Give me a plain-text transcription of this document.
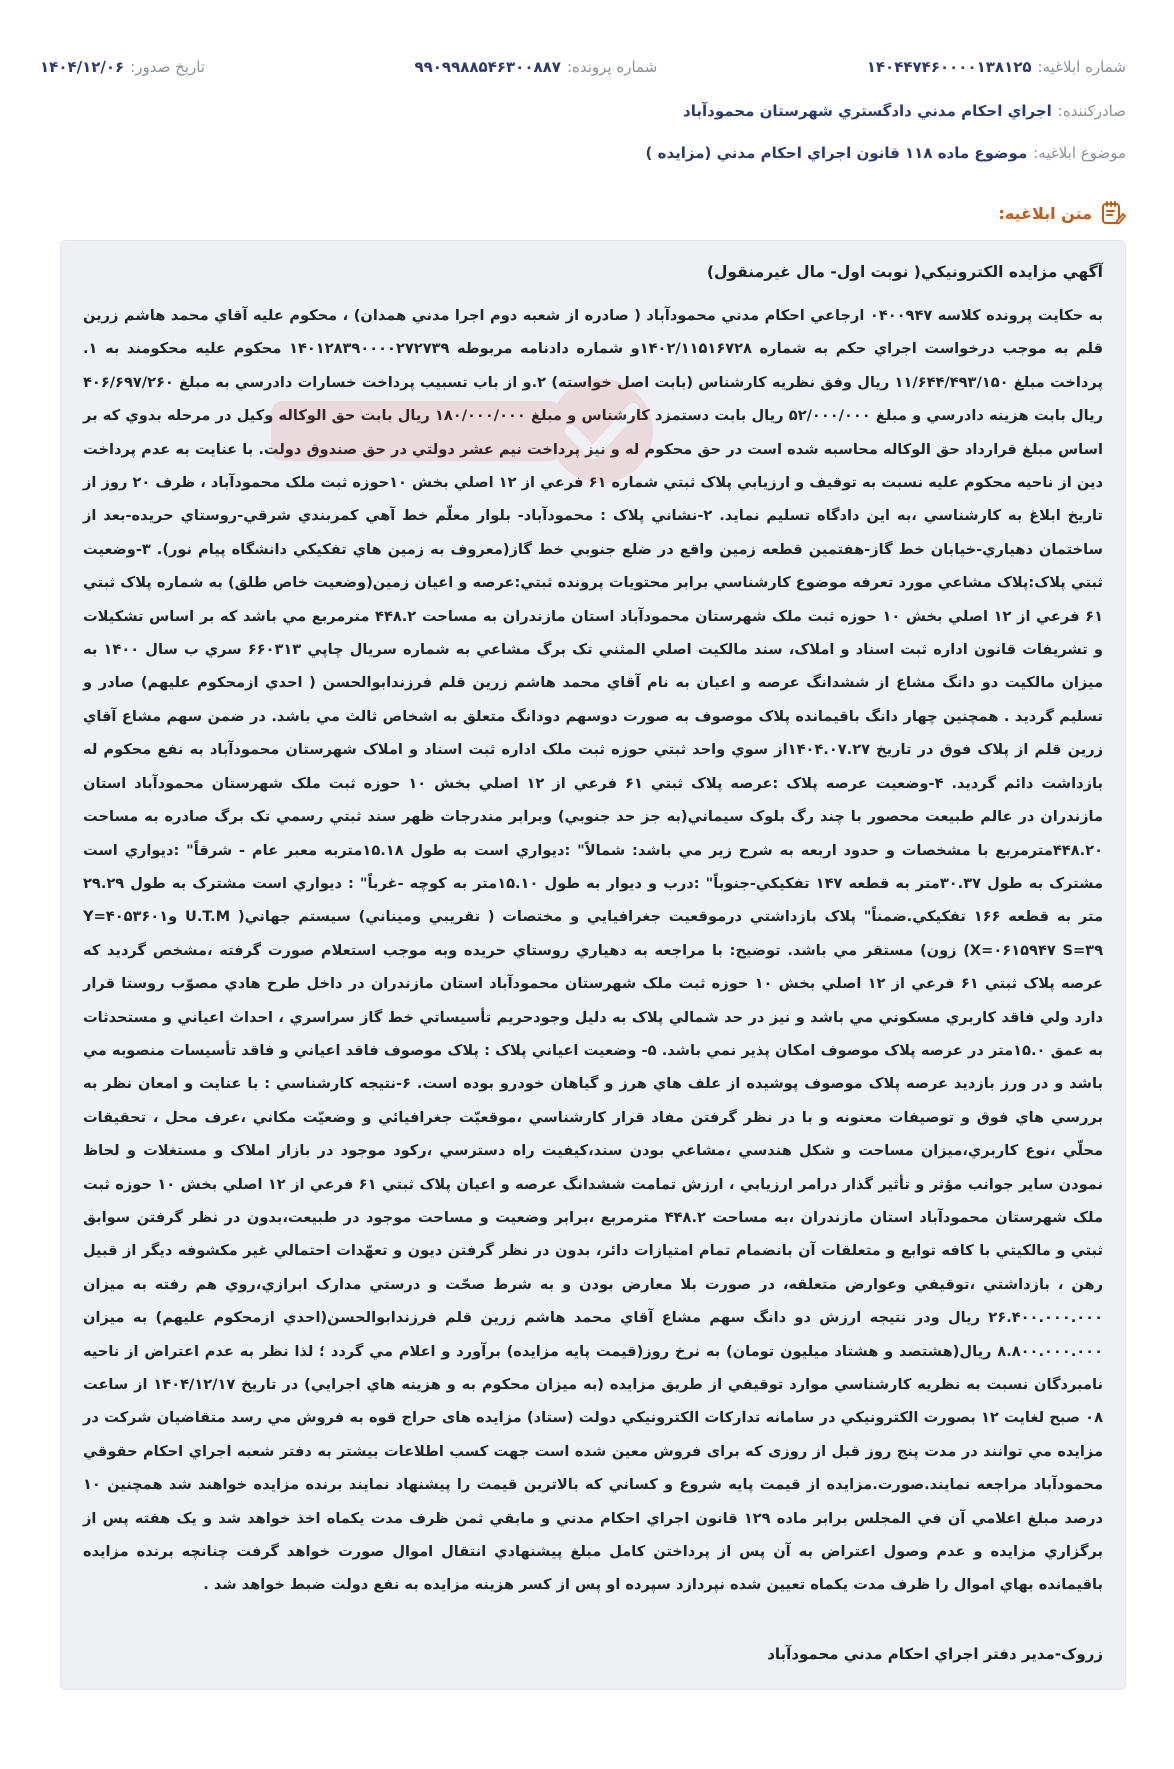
شماره ابلاغيه:
۱۴۰۴۴۷۴۶۰۰۰۰۱۳۸۱۲۵
شماره پرونده:
۹۹۰۹۹۸۸۵۴۶۳۰۰۸۸۷
تاريخ صدور:
۱۴۰۴/۱۲/۰۶
صادرکننده:
اجراي احکام مدني دادگستري شهرستان محمودآباد
موضوع ابلاغيه:
موضوع ماده ۱۱۸ قانون اجراي احکام مدني (مزايده )
متن ابلاغيه:
آگهي مزايده الکترونيکي( نوبت اول- مال غيرمنقول)
به حکايت پرونده کلاسه ۰۴۰۰۹۴۷ ارجاعي احکام مدني محمودآباد ( صادره از شعبه دوم اجرا مدني همدان) ، محکوم عليه آقاي محمد هاشم زرين قلم به موجب درخواست اجراي حکم به شماره ۱۴۰۲/۱۱۵۱۶۷۲۸و شماره دادنامه مربوطه ۱۴۰۱۲۸۳۹۰۰۰۰۲۷۲۷۳۹ محکوم عليه محکومند به ۱. پرداخت مبلغ ۱۱/۶۴۴/۴۹۳/۱۵۰ ريال وفق نظريه کارشناس (بابت اصل خواسته) ۲.و از باب تسبيب پرداخت خسارات دادرسي به مبلغ ۴۰۶/۶۹۷/۲۶۰ ريال بابت هزينه دادرسي و مبلغ ۵۲/۰۰۰/۰۰۰ ريال بابت دستمزد کارشناس و مبلغ ۱۸۰/۰۰۰/۰۰۰ ريال بابت حق الوکاله وکيل در مرحله بدوي که بر اساس مبلغ قرارداد حق الوکاله محاسبه شده است در حق محکوم له و نيز پرداخت نيم عشر دولتي در حق صندوق دولت. با عنايت به عدم پرداخت دين از ناحيه محکوم عليه نسبت به توقيف و ارزيابي پلاک ثبتي شماره ۶۱ فرعي از ۱۲ اصلي بخش ۱۰حوزه ثبت ملک محمودآباد ، ظرف ۲۰ روز از تاريخ ابلاغ به کارشناسي ،به اين دادگاه تسليم نمايد. ۲-نشاني پلاک : محمودآباد- بلوار معلّم خط آهي کمربندي شرقي-روستاي حريده-بعد از ساختمان دهياري-خيابان خط گاز-هفتمين قطعه زمين واقع در ضلع جنوبي خط گاز(معروف به زمين هاي تفکيکي دانشگاه پيام نور). ۳-وضعيت ثبتي پلاک:پلاک مشاعي مورد تعرفه موضوع کارشناسي برابر محتويات پرونده ثبتي:عرصه و اعيان زمين(وضعيت خاص طلق) به شماره پلاک ثبتي ۶۱ فرعي از ۱۲ اصلي بخش ۱۰ حوزه ثبت ملک شهرستان محمودآباد استان مازندران به مساحت ۴۴۸.۲ مترمربع مي باشد که بر اساس تشکيلات و تشريفات قانون اداره ثبت اسناد و املاک، سند مالکيت اصلي المثني تک برگ مشاعي به شماره سريال چاپي ۶۶۰۳۱۳ سري ب سال ۱۴۰۰ به ميزان مالکيت دو دانگ مشاع از ششدانگ عرصه و اعيان به نام آقاي محمد هاشم زرين قلم فرزندابوالحسن ( احدي ازمحکوم عليهم) صادر و تسليم گرديد . همچنين چهار دانگ باقيمانده پلاک موصوف به صورت دوسهم دودانگ متعلق به اشخاص ثالث مي باشد. در ضمن سهم مشاع آقاي زرين قلم از پلاک فوق در تاريخ ۱۴۰۴.۰۷.۲۷از سوي واحد ثبتي حوزه ثبت ملک اداره ثبت اسناد و املاک شهرستان محمودآباد به نفع محکوم له بازداشت دائم گرديد. ۴-وضعيت عرصه پلاک :عرصه پلاک ثبتي ۶۱ فرعي از ۱۲ اصلي بخش ۱۰ حوزه ثبت ملک شهرستان محمودآباد استان مازندران در عالم طبيعت محصور با چند رگ بلوک سيماني(به جز حد جنوبي) وبرابر مندرجات ظهر سند ثبتي رسمي تک برگ صادره به مساحت ۴۴۸.۲۰مترمربع با مشخصات و حدود اربعه به شرح زير مي باشد: شمالاً" :ديواري است به طول ۱۵.۱۸متربه معبر عام - شرقاً" :ديواري است مشترک به طول ۳۰.۳۷متر به قطعه ۱۴۷ تفکيکي-جنوباً" :درب و ديوار به طول ۱۵.۱۰متر به کوچه -غرباً" : ديواري است مشترک به طول ۲۹.۲۹ متر به قطعه ۱۶۶ تفکيکي.ضمناً" پلاک بازداشتي درموقعيت جغرافيايي و مختصات ( تقريبي وميناني) سيستم جهاني( U.T.M وY=۴۰۵۳۶۰۱ X=۰۶۱۵۹۴۷ S=۳۹) زون) مستقر مي باشد. توضيح: با مراجعه به دهياري روستاي حريده وبه موجب استعلام صورت گرفته ،مشخص گرديد که عرصه پلاک ثبتي ۶۱ فرعي از ۱۲ اصلي بخش ۱۰ حوزه ثبت ملک شهرستان محمودآباد استان مازندران در داخل طرح هادي مصوّب روستا قرار دارد ولي فاقد کاربري مسکوني مي باشد و نيز در حد شمالي پلاک به دليل وجودحريم تأسيساتي خط گاز سراسري ، احداث اعياني و مستحدثات به عمق ۱۵.۰متر در عرصه پلاک موصوف امکان پذير نمي باشد. ۵- وضعيت اعياني پلاک : پلاک موصوف فاقد اعياني و فاقد تأسيسات منصوبه مي باشد و در ورز بازديد عرصه پلاک موصوف پوشيده از علف هاي هرز و گياهان خودرو بوده است. ۶-نتيجه کارشناسي : با عنايت و امعان نظر به بررسي هاي فوق و توصيفات معنونه و با در نظر گرفتن مفاد قرار کارشناسي ،موقعيّت جغرافيائي و وضعيّت مکاني ،عرف محل ، تحقيقات محلّي ،نوع کاربري،ميزان مساحت و شکل هندسي ،مشاعي بودن سند،کيفيت راه دسترسي ،رکود موجود در بازار املاک و مستغلات و لحاظ نمودن ساير جوانب مؤثر و تأثير گذار درامر ارزيابي ، ارزش تمامت ششدانگ عرصه و اعيان پلاک ثبتي ۶۱ فرعي از ۱۲ اصلي بخش ۱۰ حوزه ثبت ملک شهرستان محمودآباد استان مازندران ،به مساحت ۴۴۸.۲ مترمربع ،برابر وضعيت و مساحت موجود در طبيعت،بدون در نظر گرفتن سوابق ثبتي و مالکيتي با کافه توابع و متعلقات آن بانضمام تمام امتيازات دائر، بدون در نظر گرفتن ديون و تعهّدات احتمالي غير مکشوفه ديگر از قبيل رهن ، بازداشتي ،توقيفي وعوارض متعلقه، در صورت بلا معارض بودن و به شرط صحّت و درستي مدارک ابرازي،روي هم رفته به ميزان ۲۶.۴۰۰.۰۰۰.۰۰۰ ريال ودر نتيجه ارزش دو دانگ سهم مشاع آقاي محمد هاشم زرين قلم فرزندابوالحسن(احدي ازمحکوم عليهم) به ميزان ۸.۸۰۰.۰۰۰.۰۰۰ ريال(هشتصد و هشتاد ميليون تومان) به نرخ روز(قيمت پايه مزايده) برآورد و اعلام مي گردد ؛ لذا نظر به عدم اعتراض از ناحيه نامبردگان نسبت به نظريه کارشناسي موارد توقيفي از طريق مزايده (به ميزان محکوم به و هزينه هاي اجرايي) در تاريخ ۱۴۰۴/۱۲/۱۷ از ساعت ۰۸ صبح لغايت ۱۲ بصورت الکترونيکي در سامانه تدارکات الکترونيکي دولت (ستاد) مزايده هاى حراج قوه به فروش مي رسد متقاضيان شرکت در مزايده مي توانند در مدت پنج روز قبل از روزی که برای فروش معين شده است جهت کسب اطلاعات بيشتر به دفتر شعبه اجراي احکام حقوقي محمودآباد مراجعه نمايند.صورت.مزايده از قيمت پايه شروع و کساني که بالاترين قيمت را پيشنهاد نمايند برنده مزايده خواهند شد همچنين ۱۰ درصد مبلغ اعلامي آن في المجلس برابر ماده ۱۲۹ قانون اجراي احکام مدني و مابقي ثمن ظرف مدت يکماه اخذ خواهد شد و يک هفته پس از برگزاري مزايده و عدم وصول اعتراض به آن پس از پرداختن کامل مبلغ پيشنهادي انتقال اموال صورت خواهد گرفت چنانچه برنده مزايده باقيمانده بهاي اموال را ظرف مدت يکماه تعيين شده نپردازد سپرده او پس از کسر هزينه مزايده به نفع دولت ضبط خواهد شد .
زروک-مدير دفتر اجراي احکام مدني محمودآباد
